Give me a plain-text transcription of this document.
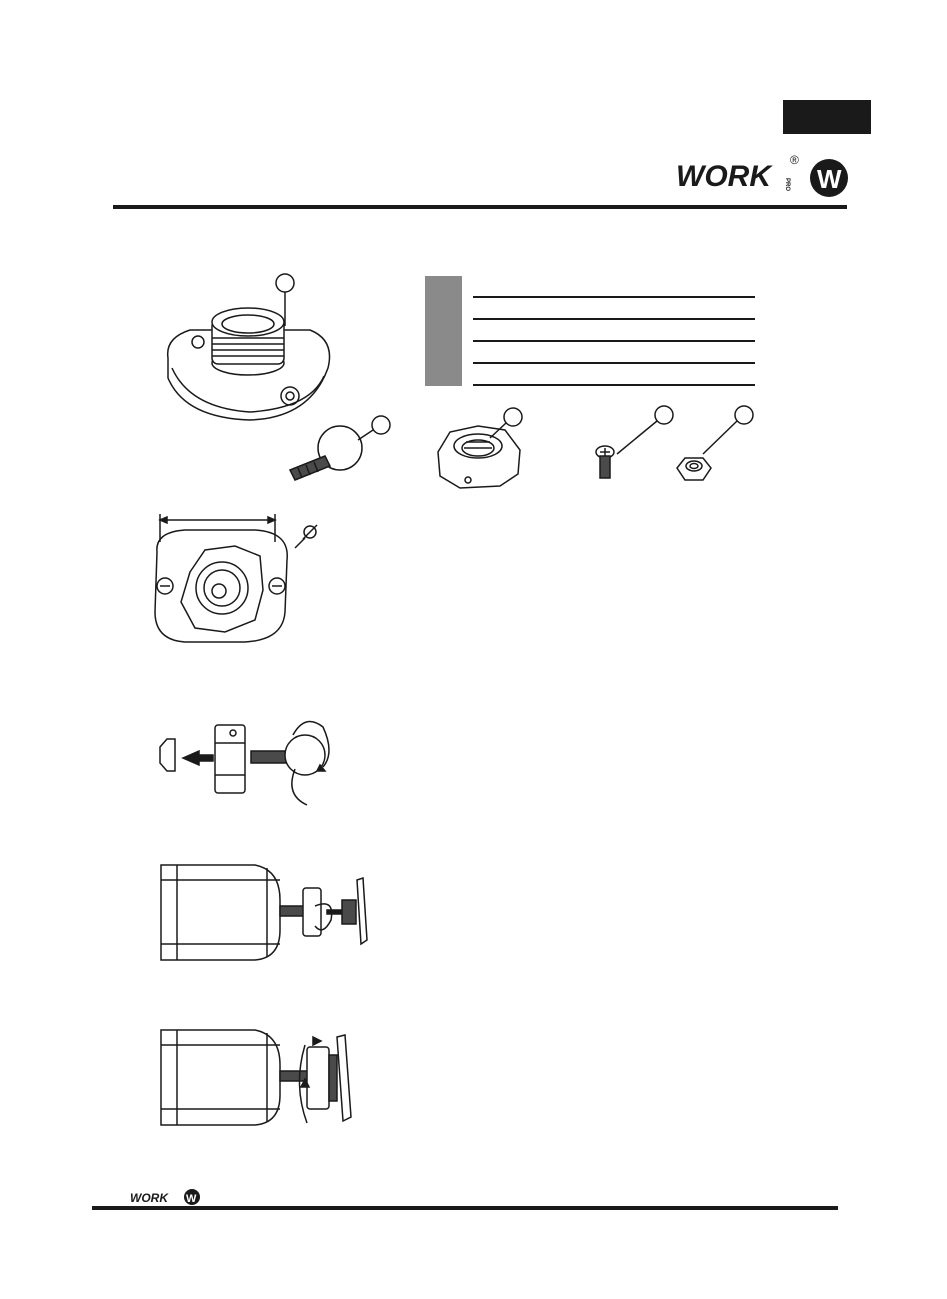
WORK ®
PRO W
WORK W
